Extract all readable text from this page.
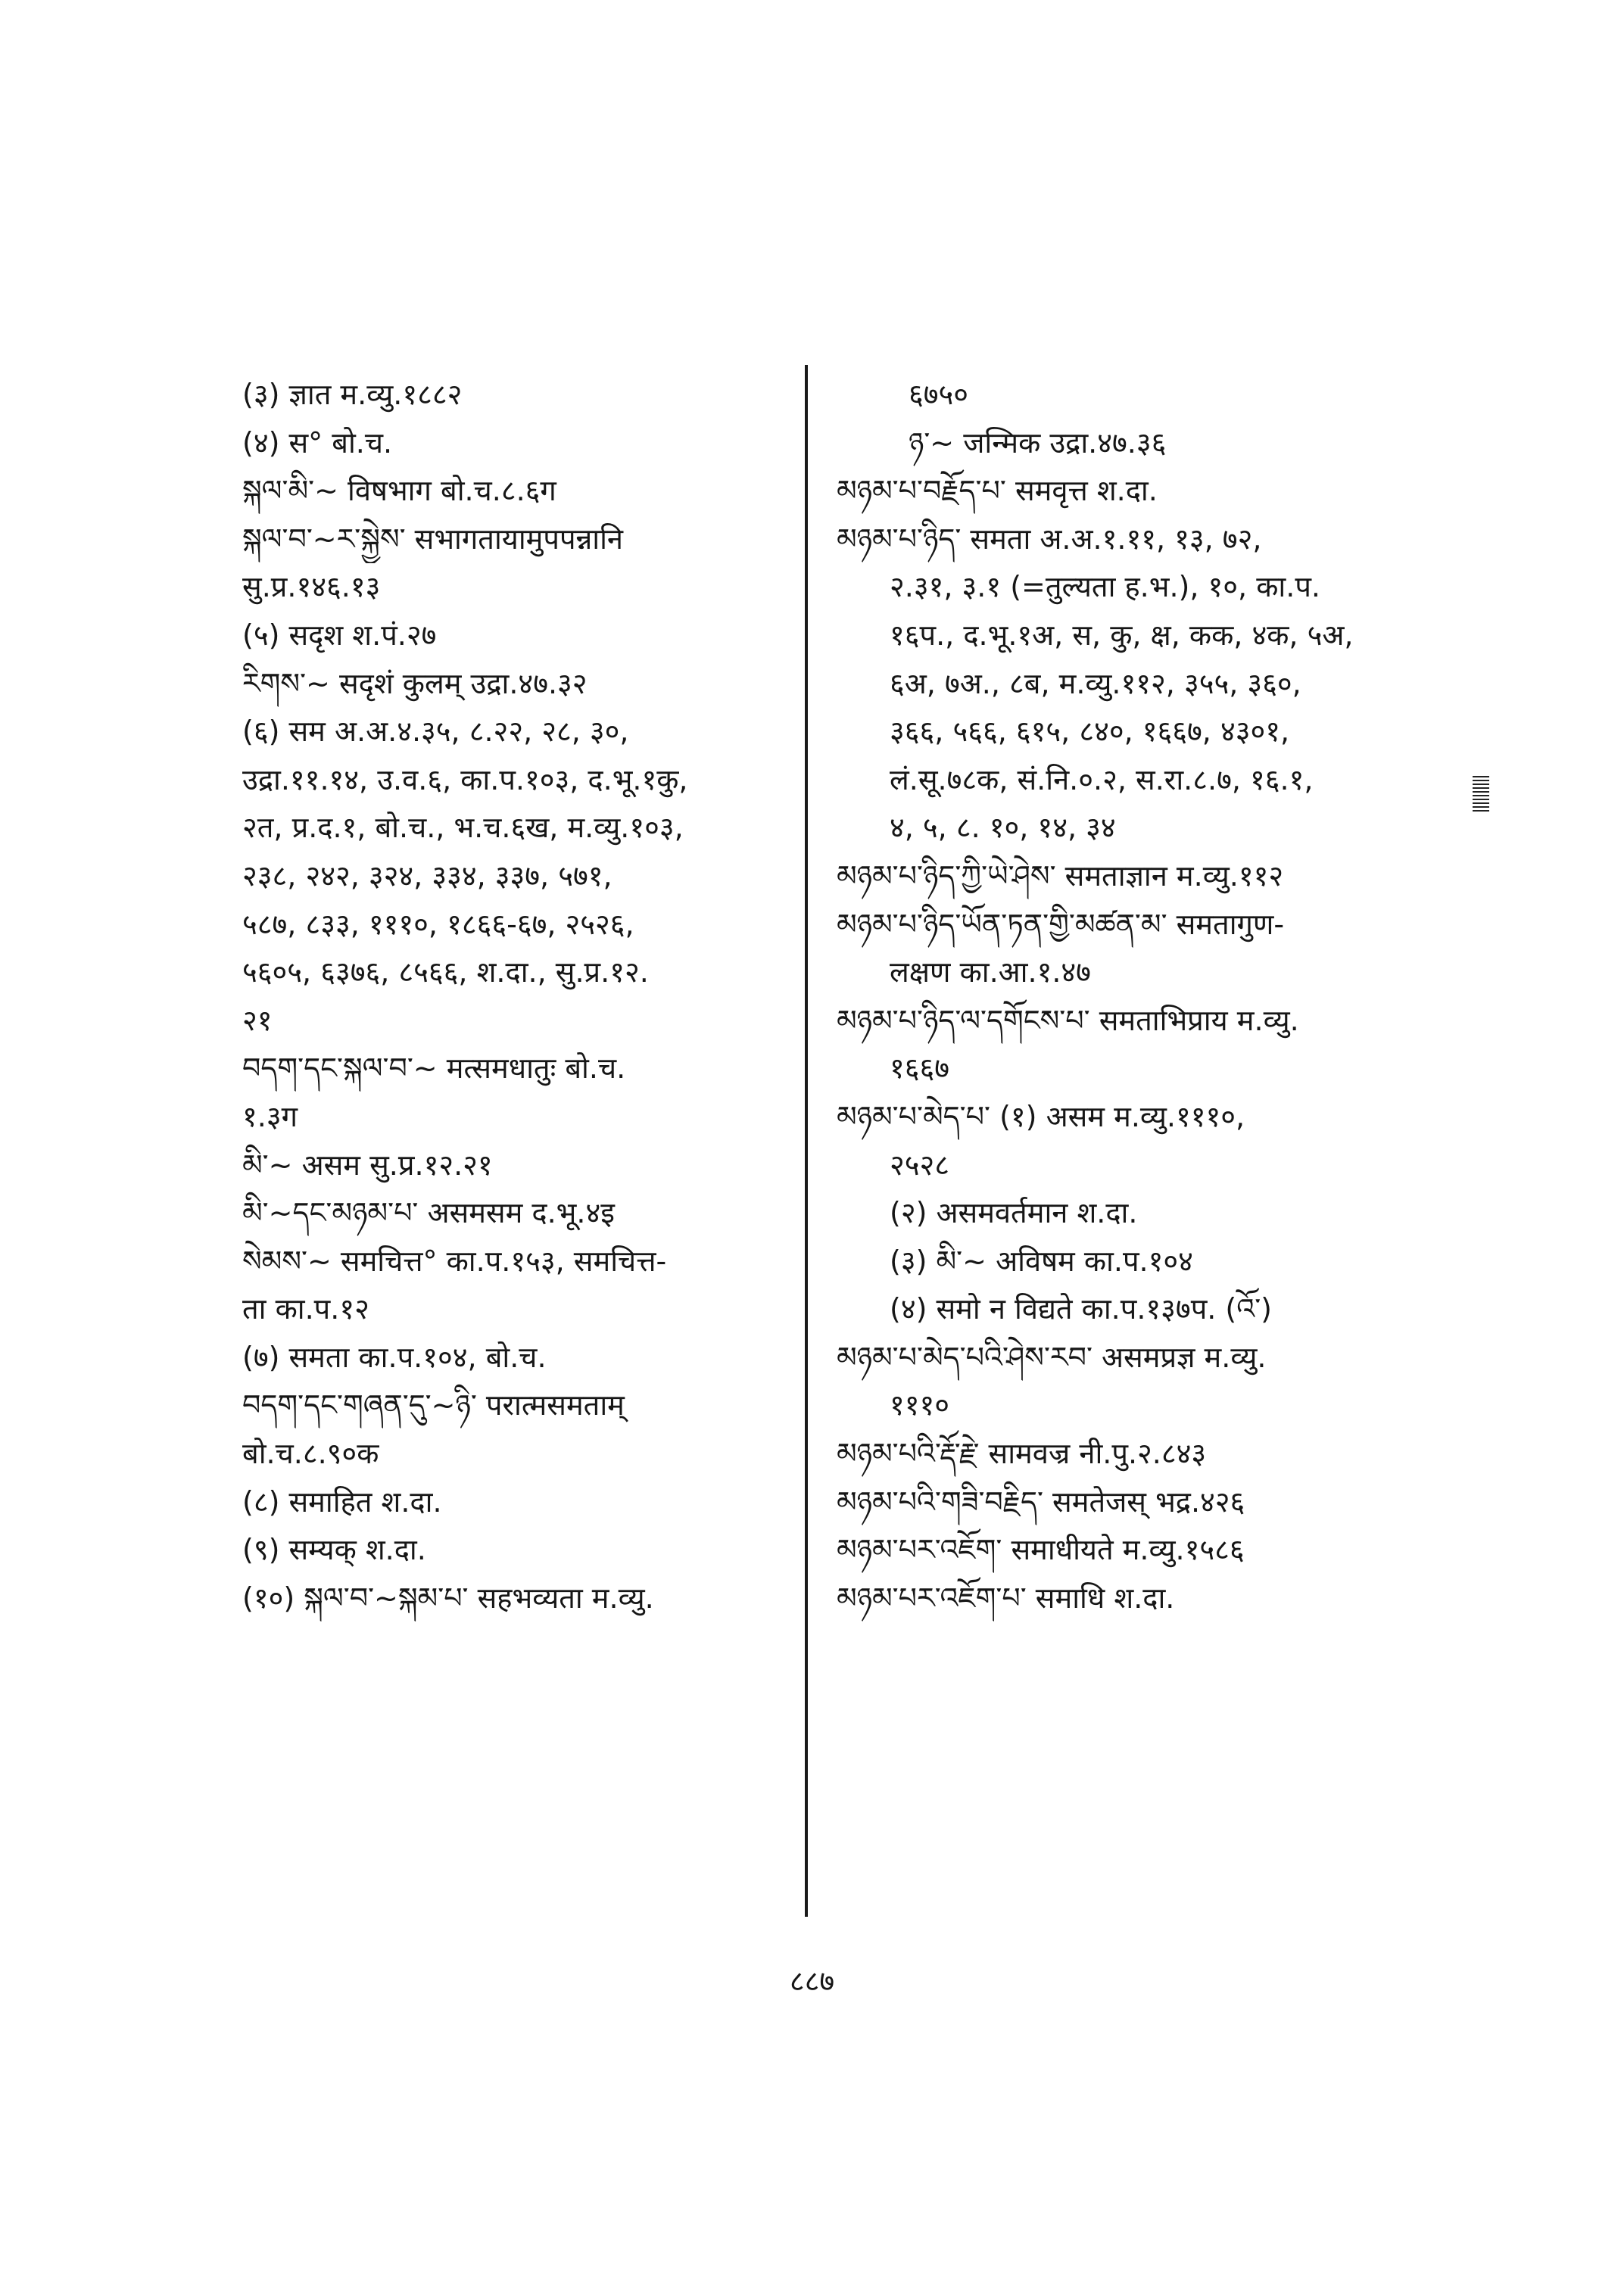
(३) ज्ञात म.व्यु.१८८२
(४) स° बो.च.
སྐལ་མི་~ विषभाग बो.च.८.६ग
སྐལ་བ་~ར་སྐྱེས་ सभागतायामुपपन्नानि
सु.प्र.१४६.१३
(५) सदृश श.पं.२७
རིགས་~ सदृशं कुलम् उद्रा.४७.३२
(६) सम अ.अ.४.३५, ८.२२, २८, ३०,
उद्रा.११.१४, उ.व.६, का.प.१०३, द.भू.१कु,
२त, प्र.द.१, बो.च., भ.च.६ख, म.व्यु.१०३,
२३८, २४२, ३२४, ३३४, ३३७, ५७१,
५८७, ८३३, १११०, १८६६-६७, २५२६,
५६०५, ६३७६, ८५६६, श.दा., सु.प्र.१२.
२१
བདག་དང་སྐལ་བ་~ मत्समधातुः बो.च.
१.३ग
མི་~ असम सु.प्र.१२.२१
མི་~དང་མཉམ་པ་ असमसम द.भू.४इ
སེམས་~ समचित्त° का.प.१५३, समचित्त-
ता का.प.१२
(७) समता का.प.१०४, बो.च.
བདག་དང་གཞན་དུ་~ཉི་ परात्मसमताम्
बो.च.८.९०क
(८) समाहित श.दा.
(९) सम्यक् श.दा.
(१०) སྐལ་བ་~སྐམ་པ་ सहभव्यता म.व्यु.
६७५०
ཉ་~ जन्मिक उद्रा.४७.३६
མཉམ་པ་བརྗོད་པ་ समवृत्त श.दा.
མཉམ་པ་ཉིད་ समता अ.अ.१.११, १३, ७२,
२.३१, ३.१ (=तुल्यता ह.भ.), १०, का.प.
१६प., द.भू.१अ, स, कु, क्ष, कक, ४क, ५अ,
६अ, ७अ., ८ब, म.व्यु.११२, ३५५, ३६०,
३६६, ५६६, ६१५, ८४०, १६६७, ४३०१,
लं.सू.७८क, सं.नि.०.२, स.रा.८.७, १६.१,
४, ५, ८. १०, १४, ३४
མཉམ་པ་ཉིད་ཀྱི་ཡེ་ཤེས་ समताज्ञान म.व्यु.११२
མཉམ་པ་ཉིད་ཡོན་ཏན་གྱི་མཚན་མ་ समतागुण-
लक्षण का.आ.१.४७
མཉམ་པ་ཉིད་ལ་དགོངས་པ་ समताभिप्राय म.व्यु.
१६६७
མཉམ་པ་མེད་པ་ (१) असम म.व्यु.१११०,
२५२८
(२) असमवर्तमान श.दा.
(३) མི་~ अविषम का.प.१०४
(४) समो न विद्यते का.प.१३७प. (འོ་)
མཉམ་པ་མེད་པའི་ཤེས་རབ་ असमप्रज्ञ म.व्यु.
१११०
མཉམ་པའི་རྡོ་རྗེ་ सामवज्र नी.पु.२.८४३
མཉམ་པའི་གཟི་བརྗིད་ समतेजस् भद्र.४२६
མཉམ་པར་འཇོག་ समाधीयते म.व्यु.१५८६
མཉམ་པར་འཇོག་པ་ समाधि श.दा.
८८७
